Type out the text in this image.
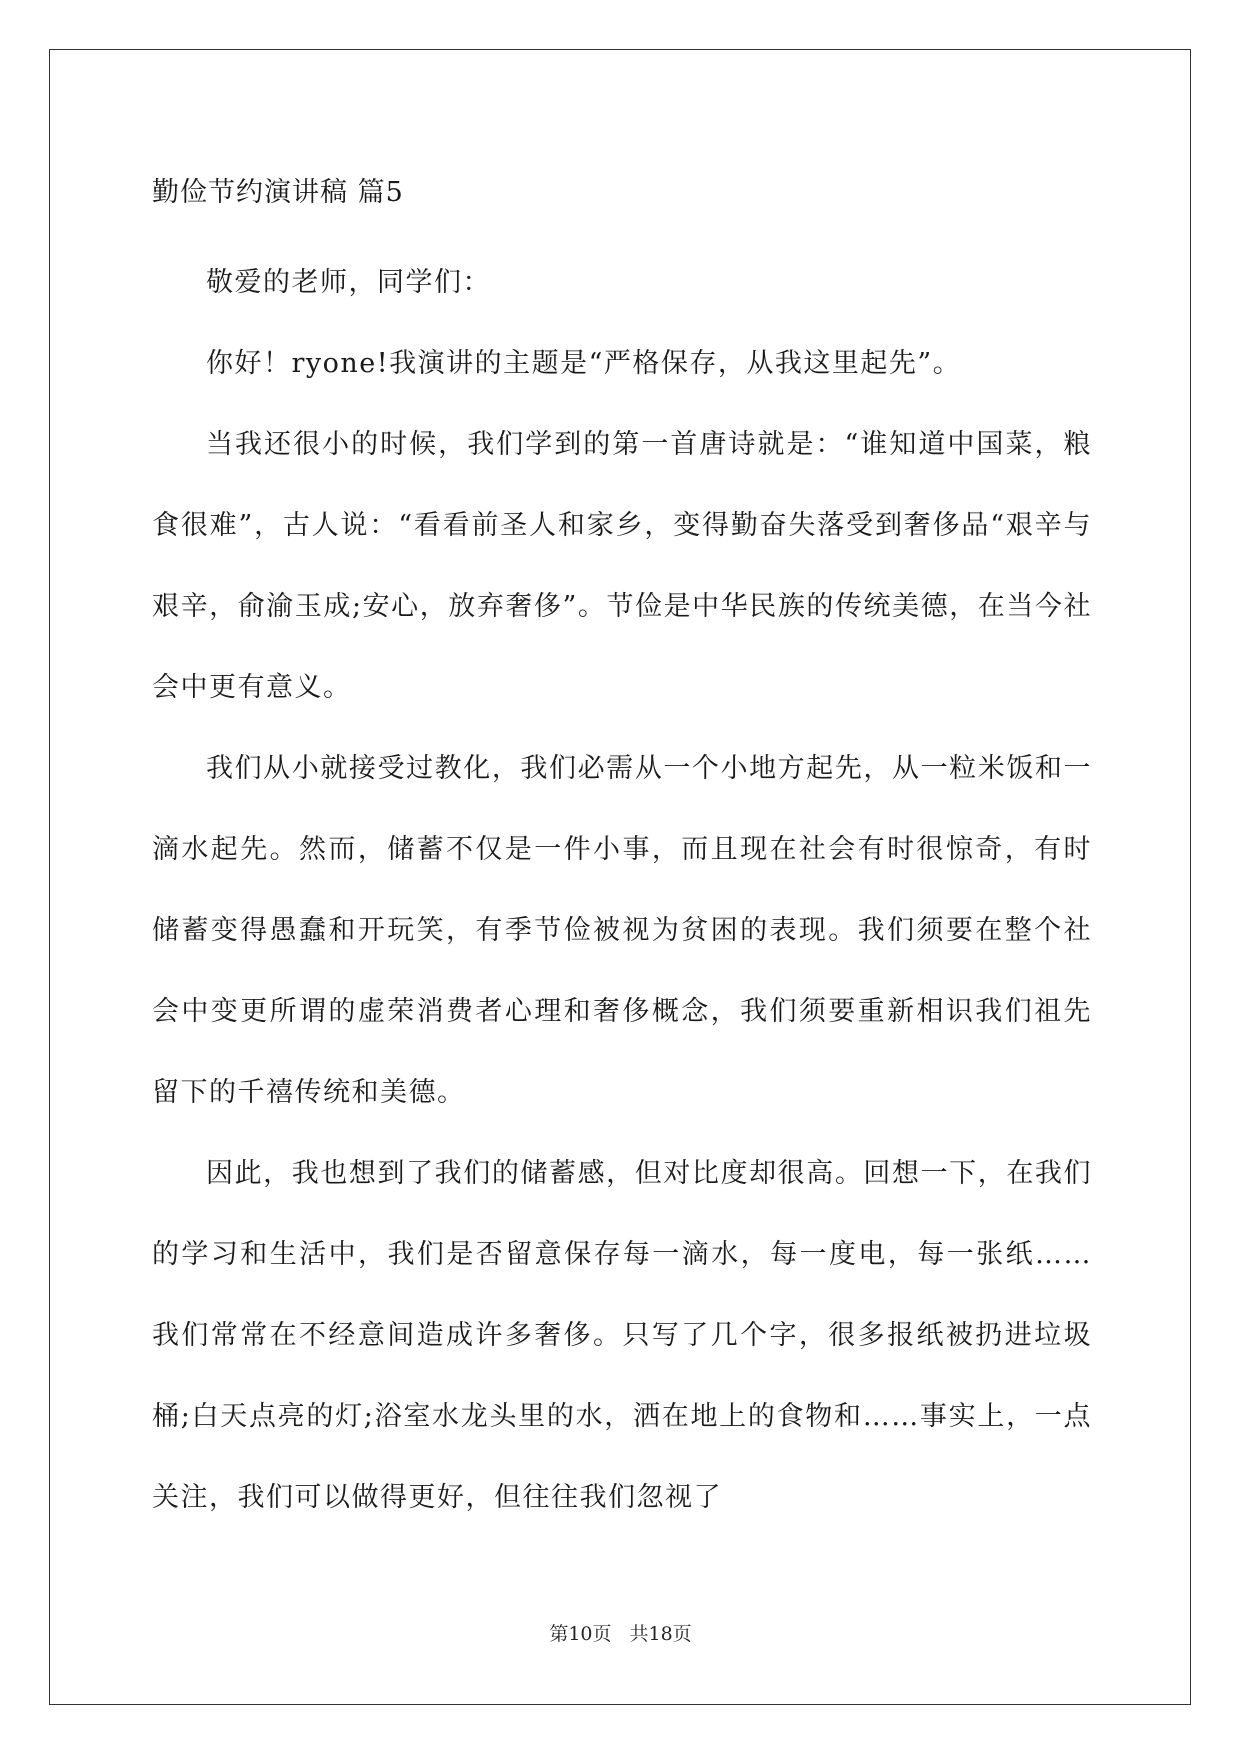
勤俭节约演讲稿 篇5

敬爱的老师，同学们：

你好！ryone!我演讲的主题是“严格保存，从我这里起先”。

当我还很小的时候，我们学到的第一首唐诗就是：“谁知道中国菜，粮食很难”，古人说：“看看前圣人和家乡，变得勤奋失落受到奢侈品“艰辛与艰辛，俞渝玉成;安心，放弃奢侈”。节俭是中华民族的传统美德，在当今社会中更有意义。

我们从小就接受过教化，我们必需从一个小地方起先，从一粒米饭和一滴水起先。然而，储蓄不仅是一件小事，而且现在社会有时很惊奇，有时储蓄变得愚蠢和开玩笑，有季节俭被视为贫困的表现。我们须要在整个社会中变更所谓的虚荣消费者心理和奢侈概念，我们须要重新相识我们祖先留下的千禧传统和美德。

因此，我也想到了我们的储蓄感，但对比度却很高。回想一下，在我们的学习和生活中，我们是否留意保存每一滴水，每一度电，每一张纸……我们常常在不经意间造成许多奢侈。只写了几个字，很多报纸被扔进垃圾桶;白天点亮的灯;浴室水龙头里的水，洒在地上的食物和……事实上，一点关注，我们可以做得更好，但往往我们忽视了

第10页 共18页
